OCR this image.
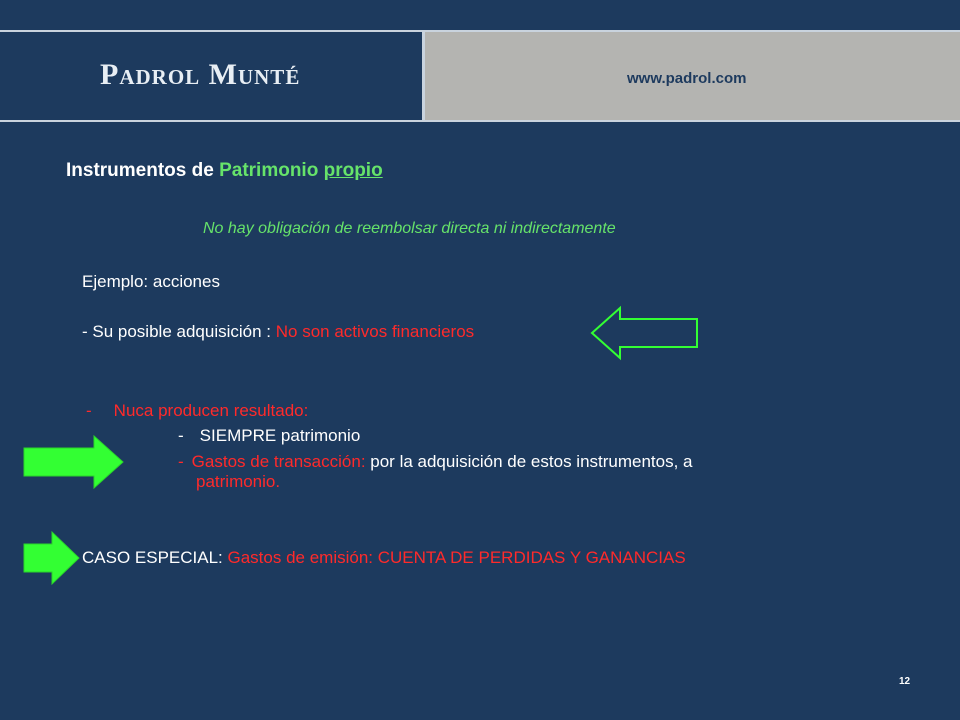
Padrol Munté	www.padrol.com
Instrumentos de Patrimonio propio
No hay obligación de reembolsar directa ni indirectamente
Ejemplo: acciones
- Su posible adquisición : No son activos financieros
- Nuca producen resultado:
- SIEMPRE patrimonio
- Gastos de transacción: por la adquisición de estos instrumentos, a
patrimonio.
CASO ESPECIAL: Gastos de emisión: CUENTA DE PERDIDAS Y GANANCIAS
12
